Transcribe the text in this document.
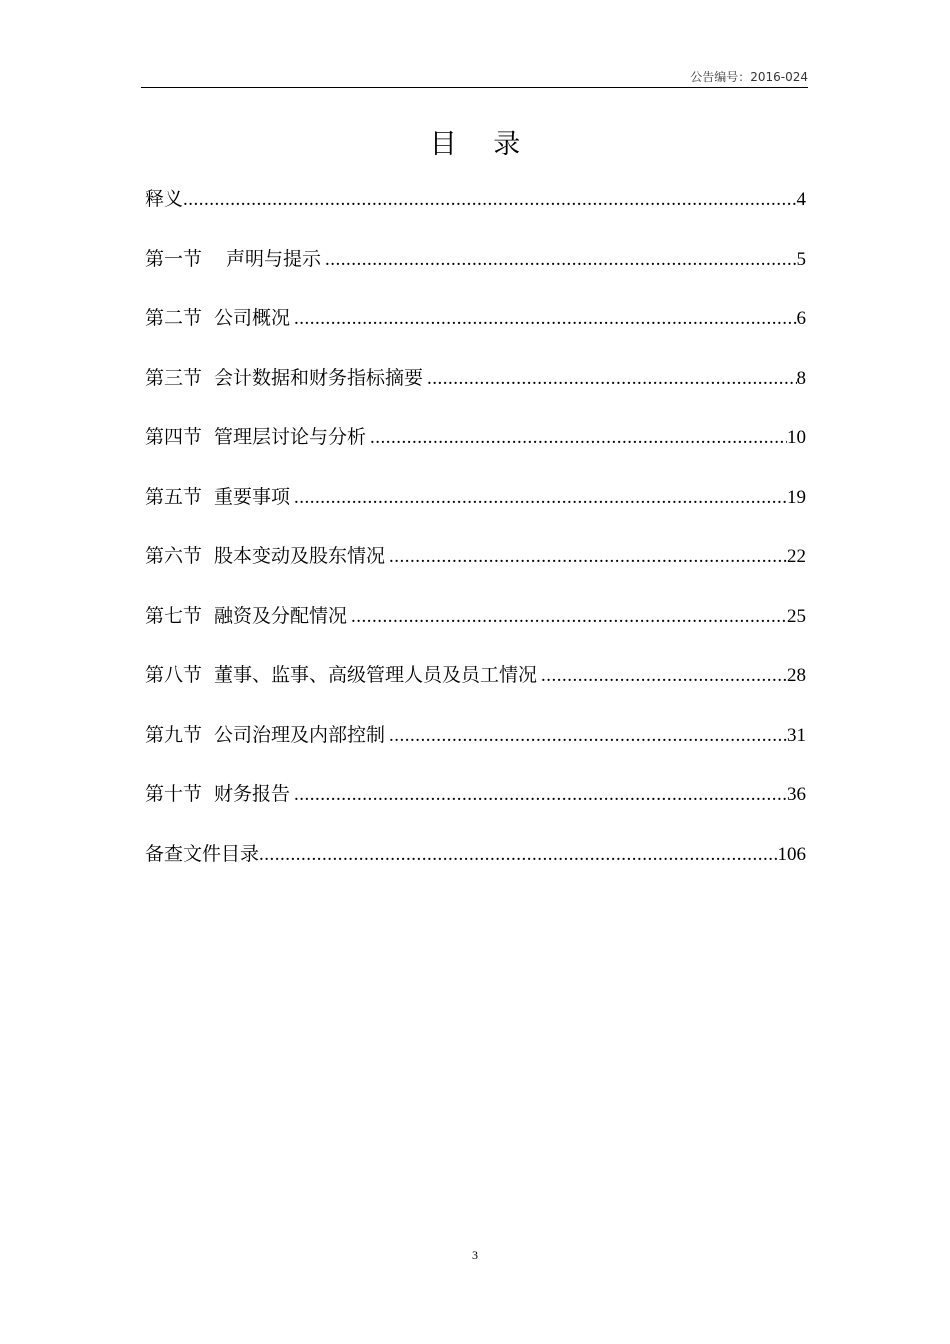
公告编号：2016-024
目 录
释义 .....	4
第一节 声明与提示 .....	5
第二节 公司概况 .....	6
第三节 会计数据和财务指标摘要 .....	8
第四节 管理层讨论与分析 .....	10
第五节 重要事项 .....	19
第六节 股本变动及股东情况 .....	22
第七节 融资及分配情况 .....	25
第八节 董事、监事、高级管理人员及员工情况 .....	28
第九节 公司治理及内部控制 .....	31
第十节 财务报告 .....	36
备查文件目录 .....	106
3
